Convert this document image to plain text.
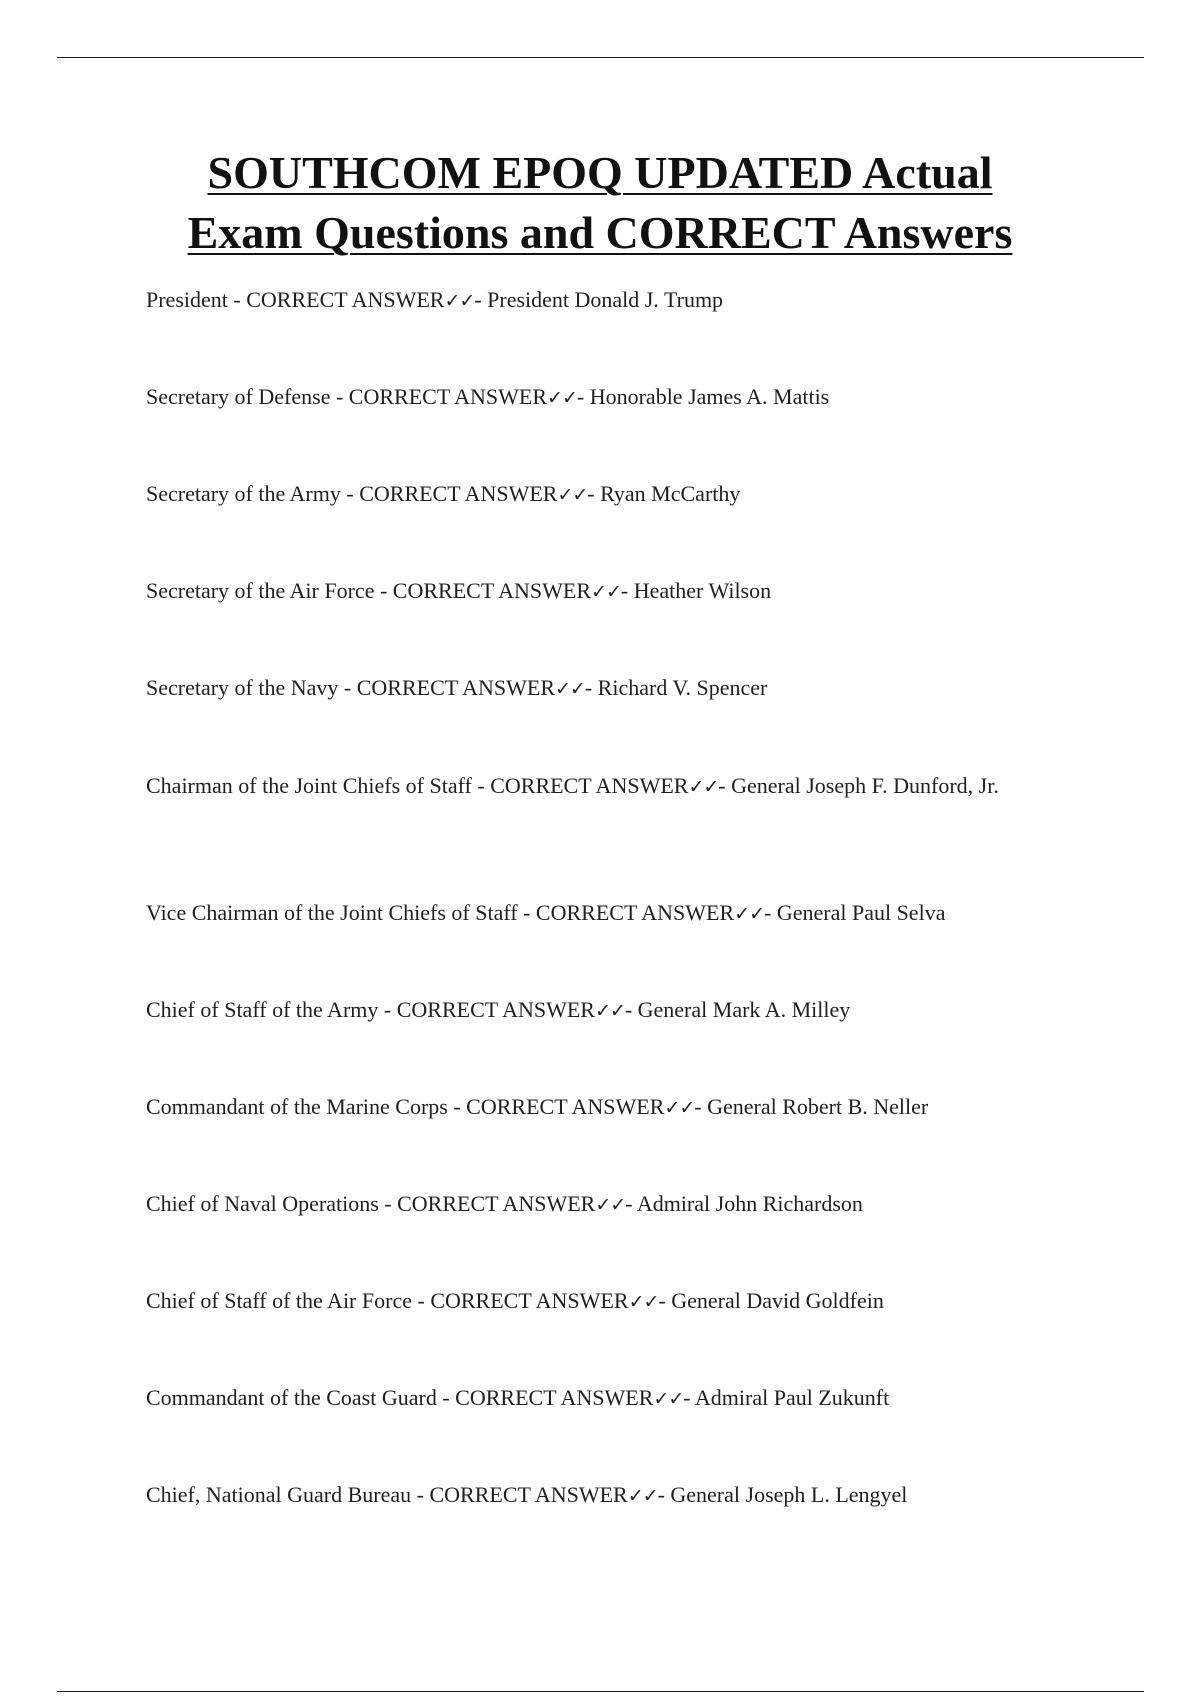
SOUTHCOM EPOQ UPDATED Actual
Exam Questions and CORRECT Answers
President - CORRECT ANSWER✓✓- President Donald J. Trump
Secretary of Defense - CORRECT ANSWER✓✓- Honorable James A. Mattis
Secretary of the Army - CORRECT ANSWER✓✓- Ryan McCarthy
Secretary of the Air Force - CORRECT ANSWER✓✓- Heather Wilson
Secretary of the Navy - CORRECT ANSWER✓✓- Richard V. Spencer
Chairman of the Joint Chiefs of Staff - CORRECT ANSWER✓✓- General Joseph F. Dunford, Jr.
Vice Chairman of the Joint Chiefs of Staff - CORRECT ANSWER✓✓- General Paul Selva
Chief of Staff of the Army - CORRECT ANSWER✓✓- General Mark A. Milley
Commandant of the Marine Corps - CORRECT ANSWER✓✓- General Robert B. Neller
Chief of Naval Operations - CORRECT ANSWER✓✓- Admiral John Richardson
Chief of Staff of the Air Force - CORRECT ANSWER✓✓- General David Goldfein
Commandant of the Coast Guard - CORRECT ANSWER✓✓- Admiral Paul Zukunft
Chief, National Guard Bureau - CORRECT ANSWER✓✓- General Joseph L. Lengyel
